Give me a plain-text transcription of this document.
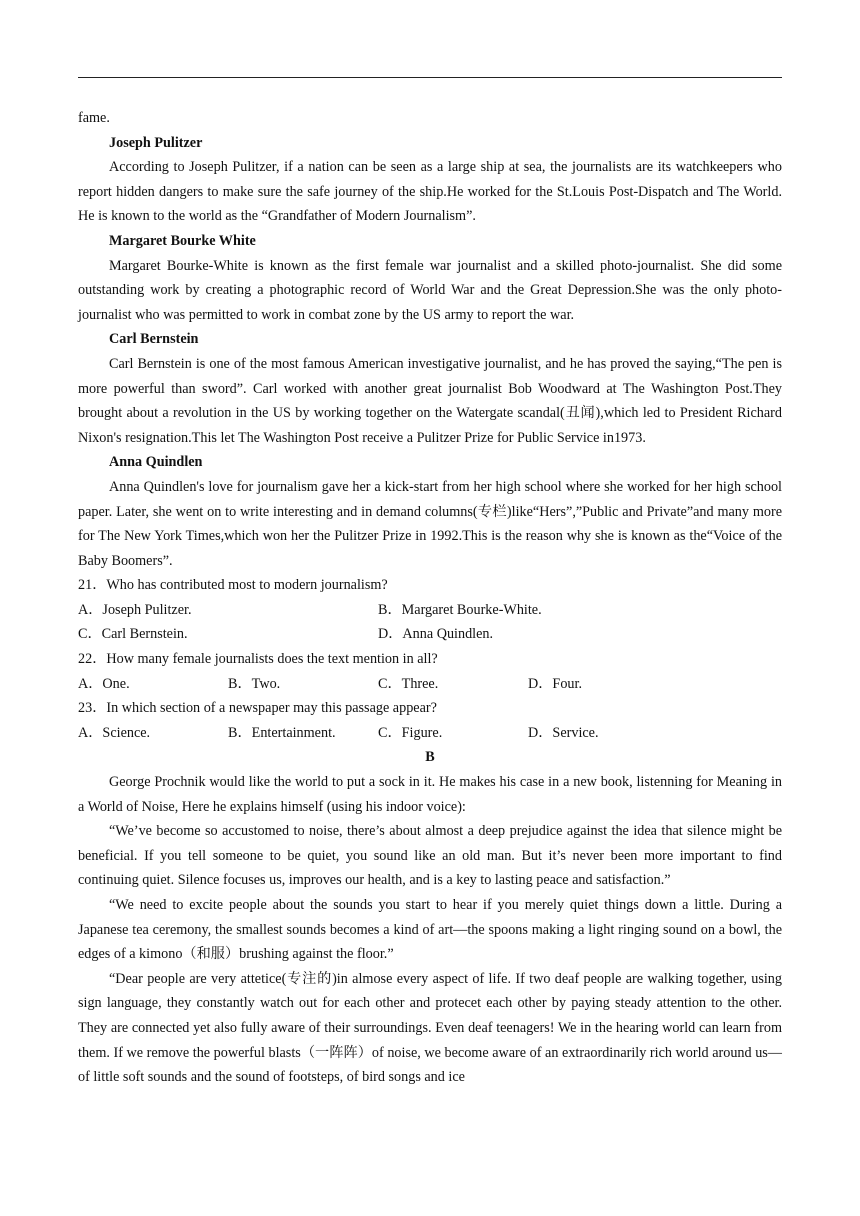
fame.

Joseph Pulitzer

According to Joseph Pulitzer, if a nation can be seen as a large ship at sea, the journalists are its watchkeepers who report hidden dangers to make sure the safe journey of the ship.He worked for the St.Louis Post-Dispatch and The World. He is known to the world as the “Grandfather of Modern Journalism”.

Margaret Bourke White

Margaret Bourke-White is known as the first female war journalist and a skilled photo-journalist. She did some outstanding work by creating a photographic record of World War and the Great Depression.She was the only photo-journalist who was permitted to work in combat zone by the US army to report the war.

Carl Bernstein

Carl Bernstein is one of the most famous American investigative journalist, and he has proved the saying,“The pen is more powerful than sword”. Carl worked with another great journalist Bob Woodward at The Washington Post.They brought about a revolution in the US by working together on the Watergate scandal(丑闻),which led to President Richard Nixon's resignation.This let The Washington Post receive a Pulitzer Prize for Public Service in1973.

Anna Quindlen

Anna Quindlen's love for journalism gave her a kick-start from her high school where she worked for her high school paper. Later, she went on to write interesting and in demand columns(专栏)like“Hers”,”Public and Private”and many more for The New York Times,which won her the Pulitzer Prize in 1992.This is the reason why she is known as the“Voice of the Baby Boomers”.

21．Who has contributed most to modern journalism?

A．Joseph Pulitzer.	B．Margaret Bourke-White.
C．Carl Bernstein.	D．Anna Quindlen.

22．How many female journalists does the text mention in all?

A．One.	B．Two.	C．Three.	D．Four.

23．In which section of a newspaper may this passage appear?

A．Science.	B．Entertainment.	C．Figure.	D．Service.

B

George Prochnik would like the world to put a sock in it. He makes his case in a new book, listenning for Meaning in a World of Noise, Here he explains himself (using his indoor voice):

“We’ve become so accustomed to noise, there’s about almost a deep prejudice against the idea that silence might be beneficial. If you tell someone to be quiet, you sound like an old man. But it’s never been more important to find continuing quiet. Silence focuses us, improves our health, and is a key to lasting peace and satisfaction.”

“We need to excite people about the sounds you start to hear if you merely quiet things down a little. During a Japanese tea ceremony, the smallest sounds becomes a kind of art—the spoons making a light ringing sound on a bowl, the edges of a kimono（和服）brushing against the floor.”

“Dear people are very attetice(专注的)in almose every aspect of life. If two deaf people are walking together, using sign language, they constantly watch out for each other and protecet each other by paying steady attention to the other. They are connected yet also fully aware of their surroundings. Even deaf teenagers! We in the hearing world can learn from them. If we remove the powerful blasts（一阵阵）of noise, we become aware of an extraordinarily rich world around us—of little soft sounds and the sound of footsteps, of bird songs and ice
